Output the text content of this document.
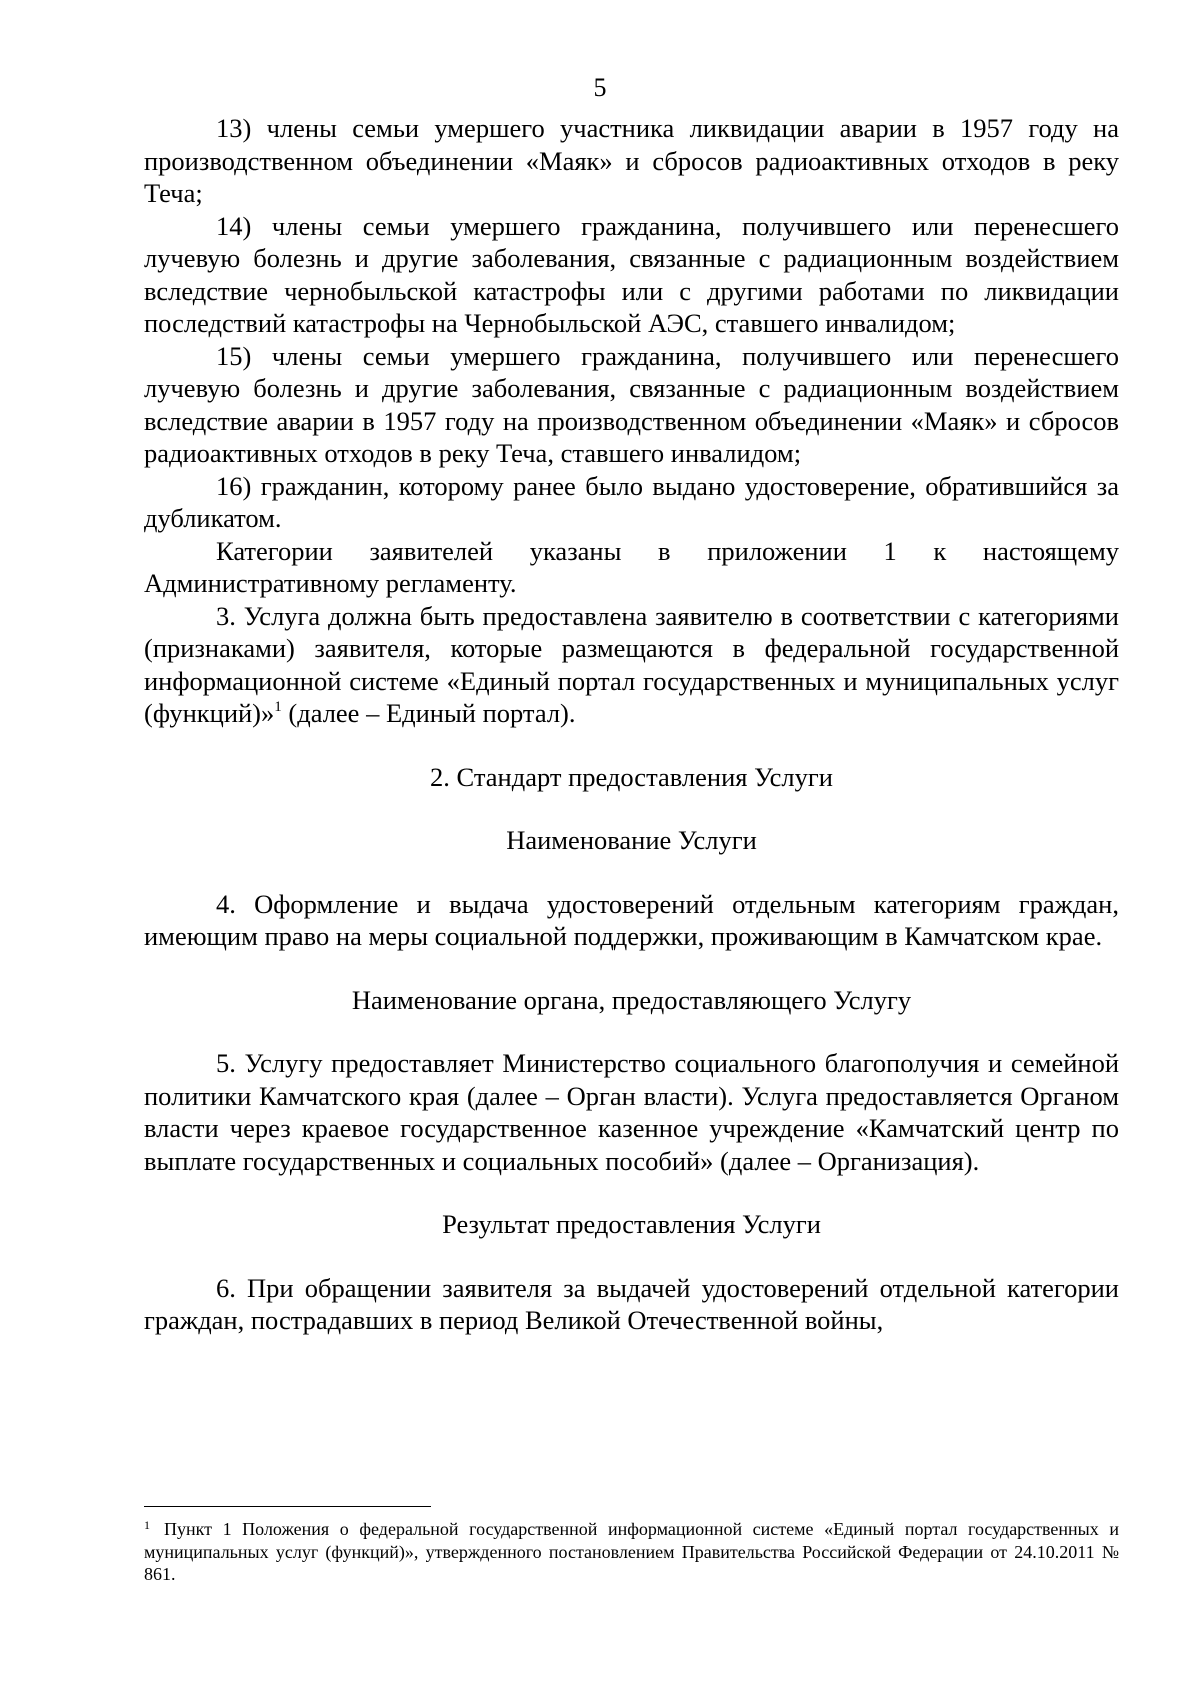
5

13) члены семьи умершего участника ликвидации аварии в 1957 году на производственном объединении «Маяк» и сбросов радиоактивных отходов в реку Теча;

14) члены семьи умершего гражданина, получившего или перенесшего лучевую болезнь и другие заболевания, связанные с радиационным воздействием вследствие чернобыльской катастрофы или с другими работами по ликвидации последствий катастрофы на Чернобыльской АЭС, ставшего инвалидом;

15) члены семьи умершего гражданина, получившего или перенесшего лучевую болезнь и другие заболевания, связанные с радиационным воздействием вследствие аварии в 1957 году на производственном объединении «Маяк» и сбросов радиоактивных отходов в реку Теча, ставшего инвалидом;

16) гражданин, которому ранее было выдано удостоверение, обратившийся за дубликатом.

Категории заявителей указаны в приложении 1 к настоящему Административному регламенту.

3. Услуга должна быть предоставлена заявителю в соответствии с категориями (признаками) заявителя, которые размещаются в федеральной государственной информационной системе «Единый портал государственных и муниципальных услуг (функций)»$^1$ (далее – Единый портал).

2. Стандарт предоставления Услуги
Наименование Услуги

4. Оформление и выдача удостоверений отдельным категориям граждан, имеющим право на меры социальной поддержки, проживающим в Камчатском крае.

Наименование органа, предоставляющего Услугу

5. Услугу предоставляет Министерство социального благополучия и семейной политики Камчатского края (далее – Орган власти). Услуга предоставляется Органом власти через краевое государственное казенное учреждение «Камчатский центр по выплате государственных и социальных пособий» (далее – Организация).

Результат предоставления Услуги

6. При обращении заявителя за выдачей удостоверений отдельной категории граждан, пострадавших в период Великой Отечественной войны,

$^1$ Пункт 1 Положения о федеральной государственной информационной системе «Единый портал государственных и муниципальных услуг (функций)», утвержденного постановлением Правительства Российской Федерации от 24.10.2011 № 861.
